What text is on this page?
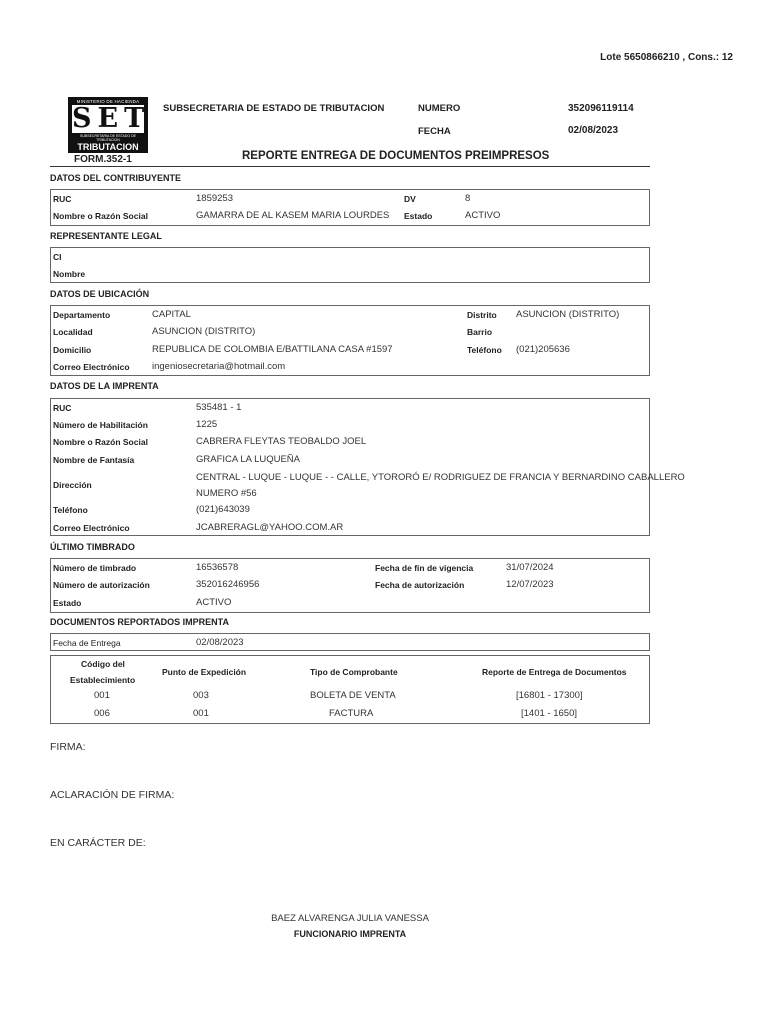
Lote 5650866210 , Cons.: 12
MINISTERIO DE HACIENDA
SET
SUBSECRETARIA DE ESTADO DE TRIBUTACION
TRIBUTACION
FORM.352-1
SUBSECRETARIA DE ESTADO DE TRIBUTACION	NUMERO	352096119114
FECHA	02/08/2023
REPORTE ENTREGA DE DOCUMENTOS PREIMPRESOS
DATOS DEL CONTRIBUYENTE
RUC	1859253	DV	8
Nombre o Razón Social	GAMARRA DE AL KASEM MARIA LOURDES Estado	ACTIVO
REPRESENTANTE LEGAL
CI
Nombre
DATOS DE UBICACIÓN
Departamento	CAPITAL	Distrito ASUNCION (DISTRITO)
Localidad	ASUNCION (DISTRITO)	Barrio
Domicilio	REPUBLICA DE COLOMBIA E/BATTILANA CASA #1597	Teléfono (021)205636
Correo Electrónico ingeniosecretaria@hotmail.com
DATOS DE LA IMPRENTA
RUC	535481 - 1
Número de Habilitación	1225
Nombre o Razón Social	CABRERA FLEYTAS TEOBALDO JOEL
Nombre de Fantasía	GRAFICA LA LUQUEÑA
Dirección
CENTRAL - LUQUE - LUQUE - - CALLE, YTORORÓ E/ RODRIGUEZ DE FRANCIA Y BERNARDINO CABALLERO
NUMERO #56
Teléfono	(021)643039
Correo Electrónico	JCABRERAGL@YAHOO.COM.AR
ÚLTIMO TIMBRADO
Número de timbrado	16536578	Fecha de fin de vigencia	31/07/2024
Número de autorización	352016246956	Fecha de autorización	12/07/2023
Estado	ACTIVO
DOCUMENTOS REPORTADOS IMPRENTA
Fecha de Entrega	02/08/2023
Código del
Establecimiento
Punto de Expedición	Tipo de Comprobante	Reporte de Entrega de Documentos
001	003	BOLETA DE VENTA	[16801 - 17300]
006	001	FACTURA	[1401 - 1650]
FIRMA:
ACLARACIÓN DE FIRMA:
EN CARÁCTER DE:
BAEZ ALVARENGA JULIA VANESSA
FUNCIONARIO IMPRENTA
